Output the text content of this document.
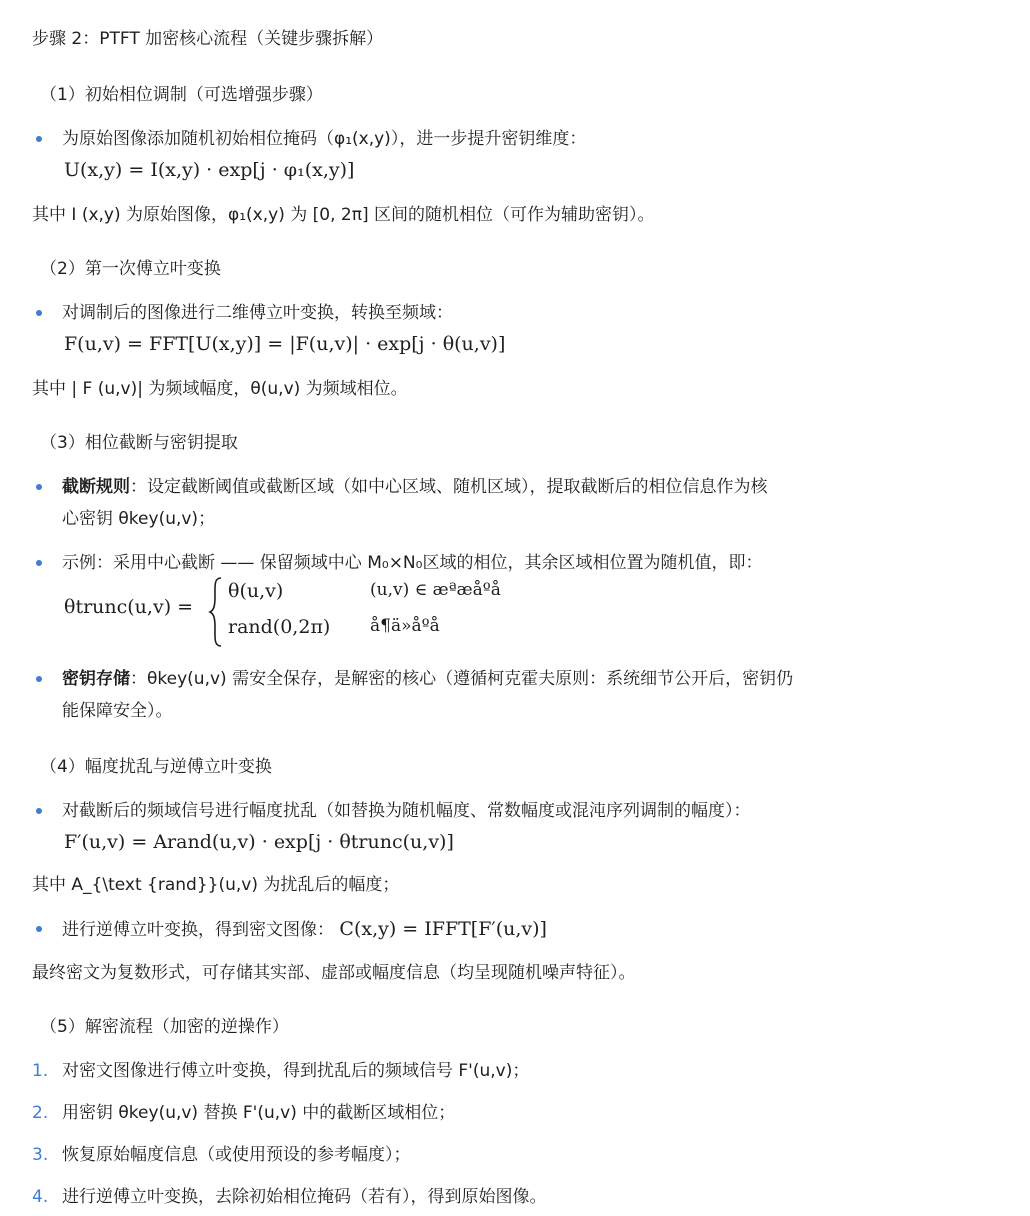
步骤 2：PTFT 加密核心流程（关键步骤拆解）
（1）初始相位调制（可选增强步骤）
为原始图像添加随机初始相位掩码（φ₁(x,y)），进一步提升密钥维度：
U(x,y) = I(x,y) · exp[j · φ₁(x,y)]
其中 I (x,y) 为原始图像，φ₁(x,y) 为 [0, 2π] 区间的随机相位（可作为辅助密钥）。
（2）第一次傅立叶变换
对调制后的图像进行二维傅立叶变换，转换至频域：
F(u,v) = FFT[U(x,y)] = |F(u,v)| · exp[j · θ(u,v)]
其中 | F (u,v)| 为频域幅度，θ(u,v) 为频域相位。
（3）相位截断与密钥提取
截断规则：设定截断阈值或截断区域（如中心区域、随机区域），提取截断后的相位信息作为核
心密钥 θkey(u,v)；
示例：采用中心截断 —— 保留频域中心 M₀×N₀区域的相位，其余区域相位置为随机值，即：
θtrunc(u,v) =
θ(u,v)	(u,v) ∈ æªæåºå
rand(0,2π) å¶ä»åºå
密钥存储：θkey(u,v) 需安全保存，是解密的核心（遵循柯克霍夫原则：系统细节公开后，密钥仍
能保障安全）。
（4）幅度扰乱与逆傅立叶变换
对截断后的频域信号进行幅度扰乱（如替换为随机幅度、常数幅度或混沌序列调制的幅度）：
F′(u,v) = Arand(u,v) · exp[j · θtrunc(u,v)]
其中 A_{\text {rand}}(u,v) 为扰乱后的幅度；
进行逆傅立叶变换，得到密文图像： C(x,y) = IFFT[F′(u,v)]
最终密文为复数形式，可存储其实部、虚部或幅度信息（均呈现随机噪声特征）。
（5）解密流程（加密的逆操作）
1. 对密文图像进行傅立叶变换，得到扰乱后的频域信号 F'(u,v)；
2. 用密钥 θkey(u,v) 替换 F'(u,v) 中的截断区域相位；
3. 恢复原始幅度信息（或使用预设的参考幅度）；
4. 进行逆傅立叶变换，去除初始相位掩码（若有），得到原始图像。
